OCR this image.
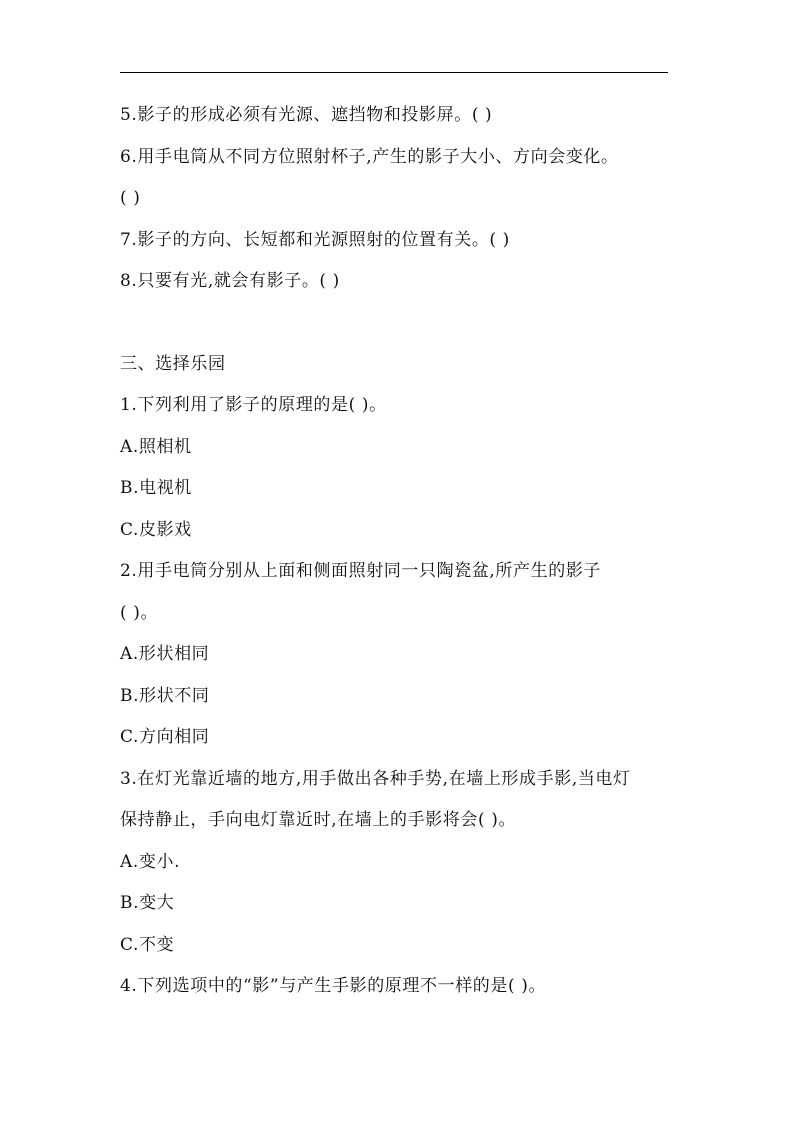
5.影子的形成必须有光源、遮挡物和投影屏。( )
6.用手电筒从不同方位照射杯子,产生的影子大小、方向会变化。
( )
7.影子的方向、长短都和光源照射的位置有关。( )
8.只要有光,就会有影子。( )
三、选择乐园
1.下列利用了影子的原理的是( )。
A.照相机
B.电视机
C.皮影戏
2.用手电筒分别从上面和侧面照射同一只陶瓷盆,所产生的影子
( )。
A.形状相同
B.形状不同
C.方向相同
3.在灯光靠近墙的地方,用手做出各种手势,在墙上形成手影,当电灯
保持静止，手向电灯靠近时,在墙上的手影将会( )。
A.变小.
B.变大
C.不变
4.下列选项中的“影”与产生手影的原理不一样的是( )。
